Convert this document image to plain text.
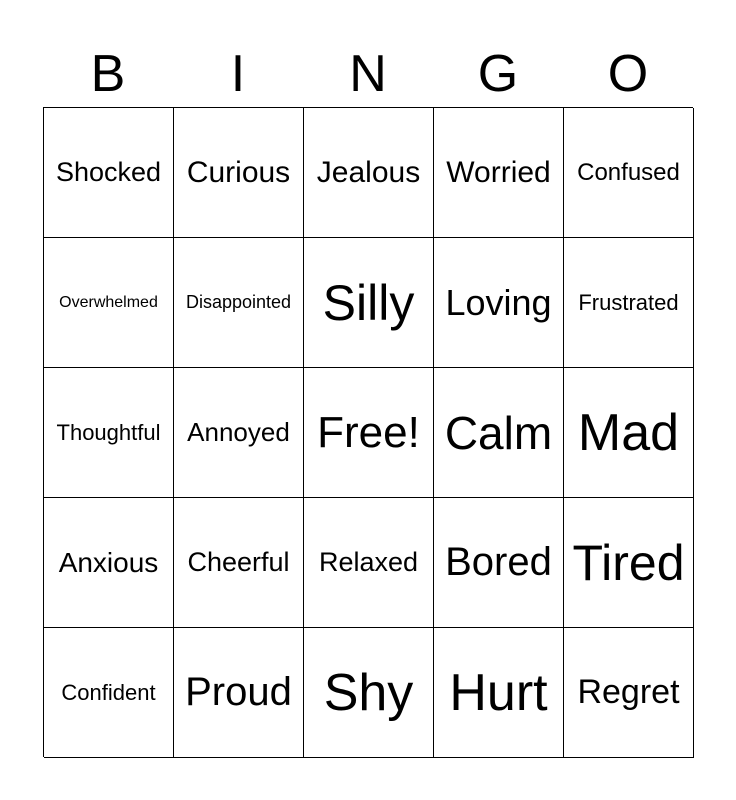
B	I	N	G	O
Shocked Curious Jealous Worried Confused
Overwhelmed Disappointed Silly Loving Frustrated
Thoughtful Annoyed Free! Calm Mad
Anxious Cheerful Relaxed Bored Tired
Confident Proud Shy Hurt Regret
